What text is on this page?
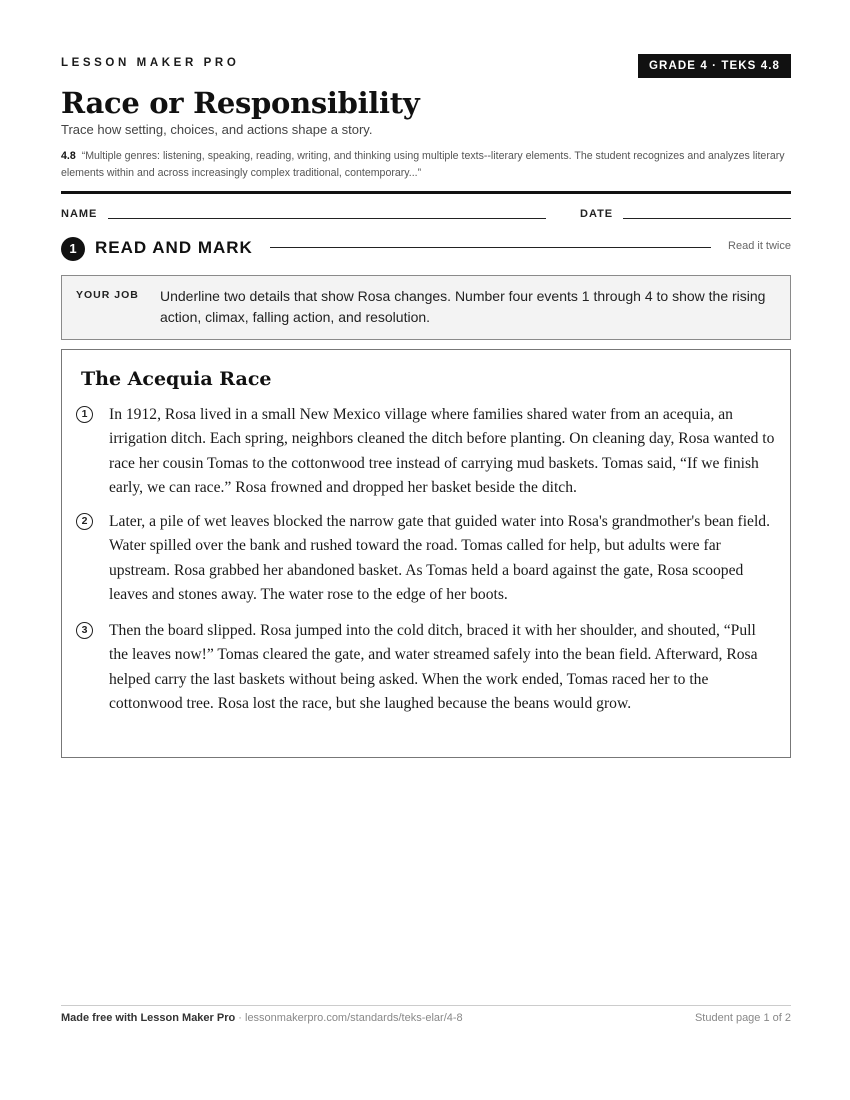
LESSON MAKER PRO	GRADE 4 · TEKS 4.8
Race or Responsibility
Trace how setting, choices, and actions shape a story.
4.8 “Multiple genres: listening, speaking, reading, writing, and thinking using multiple texts--literary elements. The student recognizes and analyzes literary elements within and across increasingly complex traditional, contemporary...”
NAME	DATE
1	READ AND MARK	Read it twice
YOUR JOB Underline two details that show Rosa changes. Number four events 1 through 4 to show the rising action, climax, falling action, and resolution.
The Acequia Race
1	In 1912, Rosa lived in a small New Mexico village where families shared water from an acequia, an irrigation ditch. Each spring, neighbors cleaned the ditch before planting. On cleaning day, Rosa wanted to race her cousin Tomas to the cottonwood tree instead of carrying mud baskets. Tomas said, “If we finish early, we can race.” Rosa frowned and dropped her basket beside the ditch.

2	Later, a pile of wet leaves blocked the narrow gate that guided water into Rosa's grandmother's bean field. Water spilled over the bank and rushed toward the road. Tomas called for help, but adults were far upstream. Rosa grabbed her abandoned basket. As Tomas held a board against the gate, Rosa scooped leaves and stones away. The water rose to the edge of her boots.

3	Then the board slipped. Rosa jumped into the cold ditch, braced it with her shoulder, and shouted, “Pull the leaves now!” Tomas cleared the gate, and water streamed safely into the bean field. Afterward, Rosa helped carry the last baskets without being asked. When the work ended, Tomas raced her to the cottonwood tree. Rosa lost the race, but she laughed because the beans would grow.

Made free with Lesson Maker Pro · lessonmakerpro.com/standards/teks-elar/4-8	Student page 1 of 2
